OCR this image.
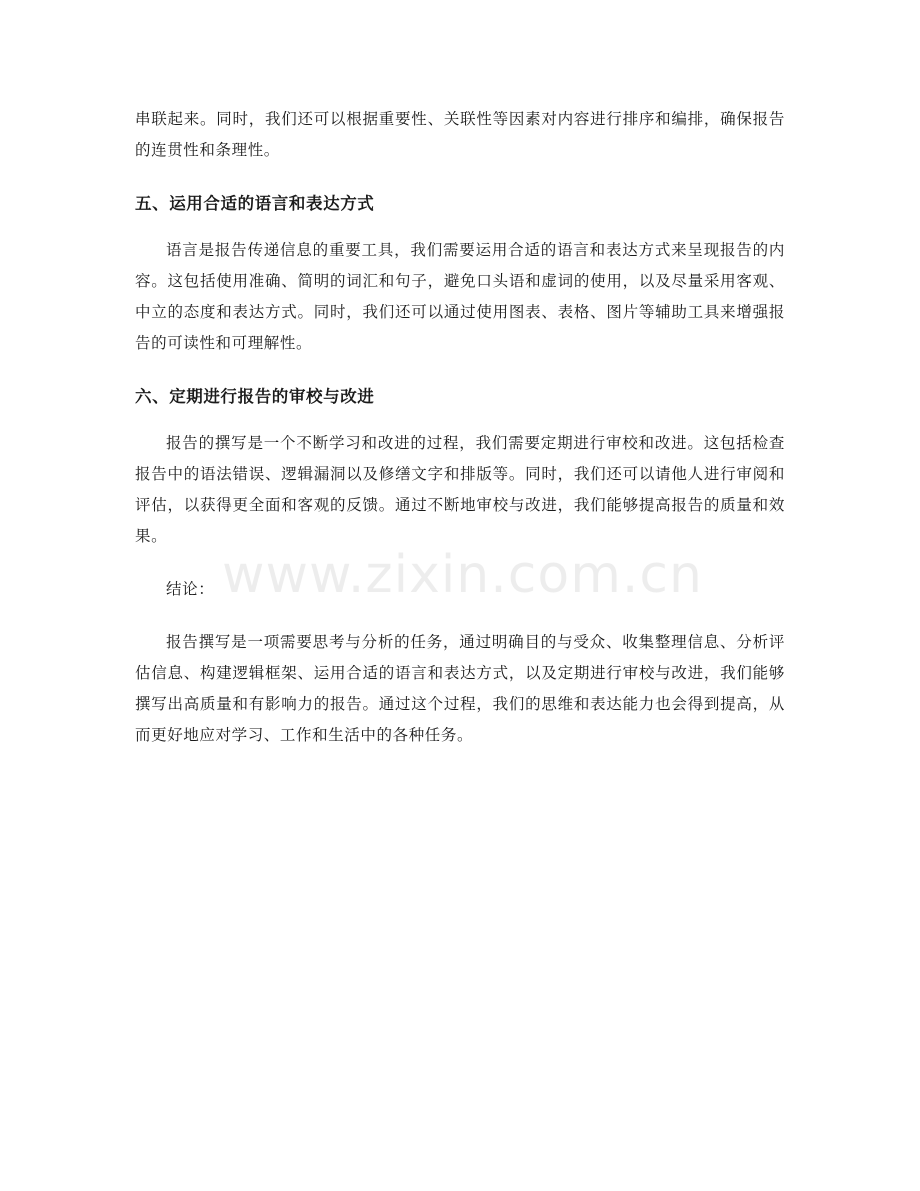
串联起来。同时，我们还可以根据重要性、关联性等因素对内容进行排序和编排，确保报告的连贯性和条理性。

五、运用合适的语言和表达方式

语言是报告传递信息的重要工具，我们需要运用合适的语言和表达方式来呈现报告的内容。这包括使用准确、简明的词汇和句子，避免口头语和虚词的使用，以及尽量采用客观、中立的态度和表达方式。同时，我们还可以通过使用图表、表格、图片等辅助工具来增强报告的可读性和可理解性。

六、定期进行报告的审校与改进

报告的撰写是一个不断学习和改进的过程，我们需要定期进行审校和改进。这包括检查报告中的语法错误、逻辑漏洞以及修缮文字和排版等。同时，我们还可以请他人进行审阅和评估，以获得更全面和客观的反馈。通过不断地审校与改进，我们能够提高报告的质量和效果。

结论：

报告撰写是一项需要思考与分析的任务，通过明确目的与受众、收集整理信息、分析评估信息、构建逻辑框架、运用合适的语言和表达方式，以及定期进行审校与改进，我们能够撰写出高质量和有影响力的报告。通过这个过程，我们的思维和表达能力也会得到提高，从而更好地应对学习、工作和生活中的各种任务。

www.zixin.com.cn
